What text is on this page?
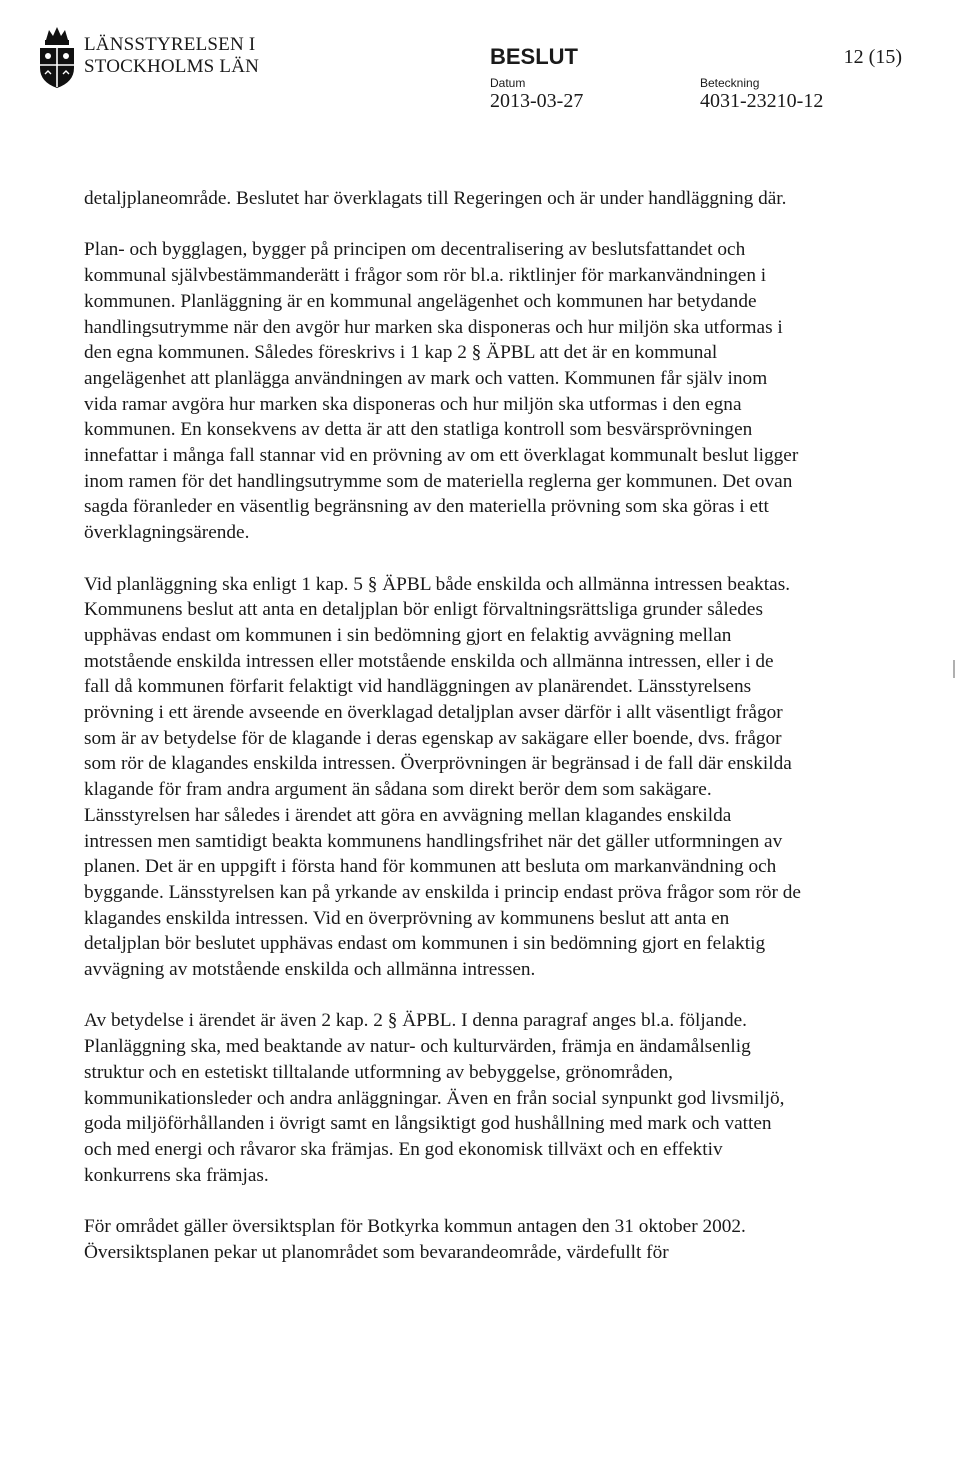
LÄNSSTYRELSEN I
STOCKHOLMS LÄN	BESLUT	12 (15)
Datum
2013-03-27
Beteckning
4031-23210-12

detaljplaneområde. Beslutet har överklagats till Regeringen och är under handläggning där.

Plan- och bygglagen, bygger på principen om decentralisering av beslutsfattandet och kommunal självbestämmanderätt i frågor som rör bl.a. riktlinjer för markanvändningen i kommunen. Planläggning är en kommunal angelägenhet och kommunen har betydande handlingsutrymme när den avgör hur marken ska disponeras och hur miljön ska utformas i den egna kommunen. Således föreskrivs i 1 kap 2 § ÄPBL att det är en kommunal angelägenhet att planlägga användningen av mark och vatten. Kommunen får själv inom vida ramar avgöra hur marken ska disponeras och hur miljön ska utformas i den egna kommunen. En konsekvens av detta är att den statliga kontroll som besvärsprövningen innefattar i många fall stannar vid en prövning av om ett överklagat kommunalt beslut ligger inom ramen för det handlingsutrymme som de materiella reglerna ger kommunen. Det ovan sagda föranleder en väsentlig begränsning av den materiella prövning som ska göras i ett överklagningsärende.

Vid planläggning ska enligt 1 kap. 5 § ÄPBL både enskilda och allmänna intressen beaktas. Kommunens beslut att anta en detaljplan bör enligt förvaltningsrättsliga grunder således upphävas endast om kommunen i sin bedömning gjort en felaktig avvägning mellan motstående enskilda intressen eller motstående enskilda och allmänna intressen, eller i de fall då kommunen förfarit felaktigt vid handläggningen av planärendet. Länsstyrelsens prövning i ett ärende avseende en överklagad detaljplan avser därför i allt väsentligt frågor som är av betydelse för de klagande i deras egenskap av sakägare eller boende, dvs. frågor som rör de klagandes enskilda intressen. Överprövningen är begränsad i de fall där enskilda klagande för fram andra argument än sådana som direkt berör dem som sakägare. Länsstyrelsen har således i ärendet att göra en avvägning mellan klagandes enskilda intressen men samtidigt beakta kommunens handlingsfrihet när det gäller utformningen av planen. Det är en uppgift i första hand för kommunen att besluta om markanvändning och byggande. Länsstyrelsen kan på yrkande av enskilda i princip endast pröva frågor som rör de klagandes enskilda intressen. Vid en överprövning av kommunens beslut att anta en detaljplan bör beslutet upphävas endast om kommunen i sin bedömning gjort en felaktig avvägning av motstående enskilda och allmänna intressen.

Av betydelse i ärendet är även 2 kap. 2 § ÄPBL. I denna paragraf anges bl.a. följande. Planläggning ska, med beaktande av natur- och kulturvärden, främja en ändamålsenlig struktur och en estetiskt tilltalande utformning av bebyggelse, grönområden, kommunikationsleder och andra anläggningar. Även en från social synpunkt god livsmiljö, goda miljöförhållanden i övrigt samt en långsiktigt god hushållning med mark och vatten och med energi och råvaror ska främjas. En god ekonomisk tillväxt och en effektiv konkurrens ska främjas.

För området gäller översiktsplan för Botkyrka kommun antagen den 31 oktober 2002. Översiktsplanen pekar ut planområdet som bevarandeområde, värdefullt för
